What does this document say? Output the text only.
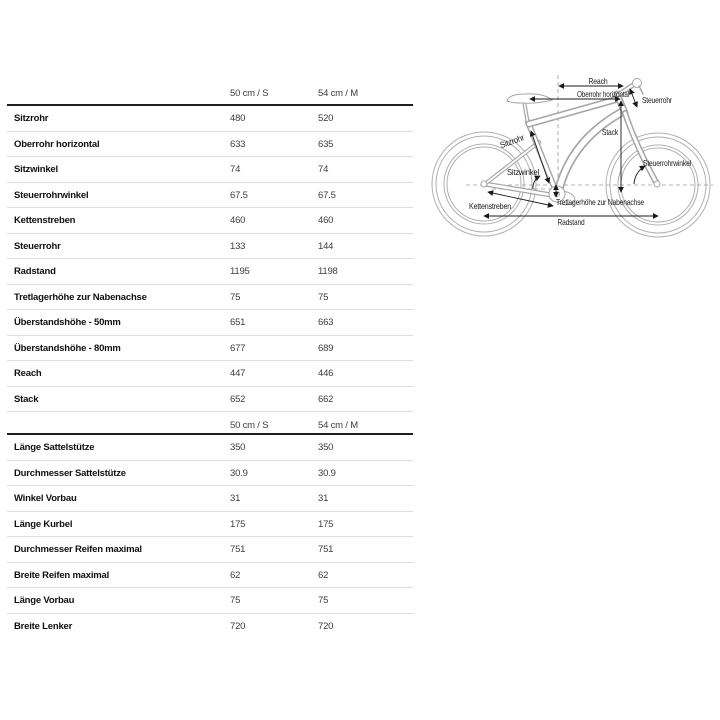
50 cm / S	54 cm / M
Sitzrohr	480	520
Oberrohr horizontal	633	635
Sitzwinkel	74	74
Steuerrohrwinkel	67.5	67.5
Kettenstreben	460	460
Steuerrohr	133	144
Radstand	1195	1198
Tretlagerhöhe zur Nabenachse	75	75
Überstandshöhe - 50mm	651	663
Überstandshöhe - 80mm	677	689
Reach	447	446
Stack	652	662
50 cm / S	54 cm / M
Länge Sattelstütze	350	350
Durchmesser Sattelstütze	30.9	30.9
Winkel Vorbau	31	31
Länge Kurbel	175	175
Durchmesser Reifen maximal	751	751
Breite Reifen maximal	62	62
Länge Vorbau	75	75
Breite Lenker	720	720
Reach
Oberrohr horizontal
Steuerrohr
Stack
Sitzrohr
Sitzwinkel
Steuerrohrwinkel
Kettenstreben	Tretlagerhöhe zur Nabenachse
Radstand
